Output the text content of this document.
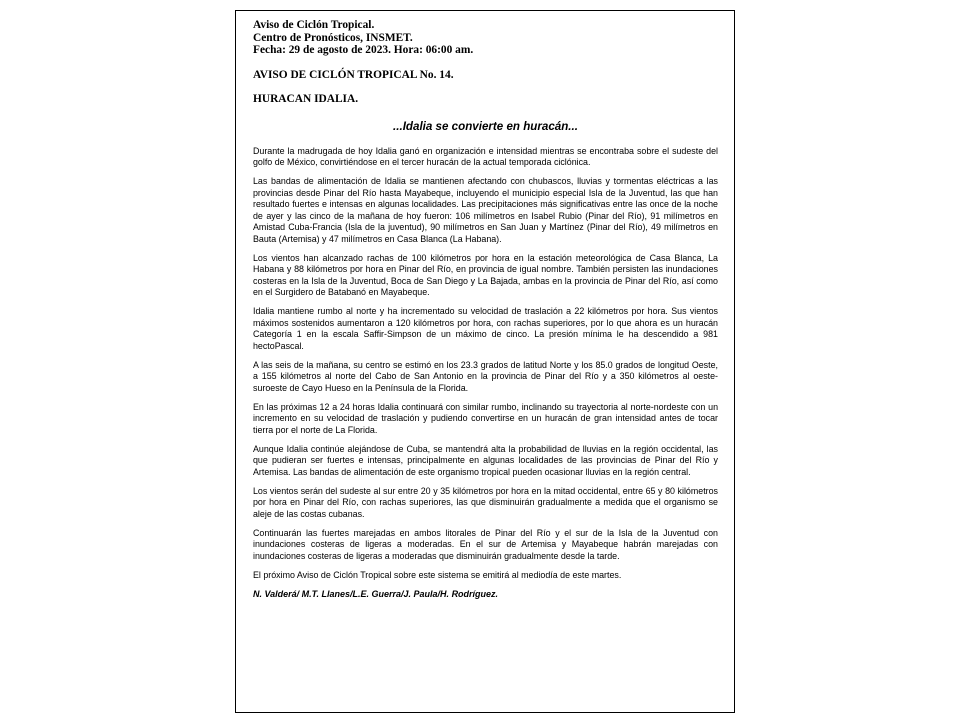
Aviso de Ciclón Tropical.

Centro de Pronósticos, INSMET.

Fecha: 29 de agosto de 2023. Hora: 06:00 am.

AVISO DE CICLÓN TROPICAL No. 14.

HURACAN IDALIA.

...Idalia se convierte en huracán...

Durante la madrugada de hoy Idalia ganó en organización e intensidad mientras se encontraba sobre el sudeste del golfo de México, convirtiéndose en el tercer huracán de la actual temporada ciclónica.

Las bandas de alimentación de Idalia se mantienen afectando con chubascos, lluvias y tormentas eléctricas a las provincias desde Pinar del Río hasta Mayabeque, incluyendo el municipio especial Isla de la Juventud, las que han resultado fuertes e intensas en algunas localidades. Las precipitaciones más significativas entre las once de la noche de ayer y las cinco de la mañana de hoy fueron: 106 milímetros en Isabel Rubio (Pinar del Río), 91 milímetros en Amistad Cuba-Francia (Isla de la juventud), 90 milímetros en San Juan y Martínez (Pinar del Río), 49 milímetros en Bauta (Artemisa) y 47 milímetros en Casa Blanca (La Habana).

Los vientos han alcanzado rachas de 100 kilómetros por hora en la estación meteorológica de Casa Blanca, La Habana y 88 kilómetros por hora en Pinar del Río, en provincia de igual nombre. También persisten las inundaciones costeras en la Isla de la Juventud, Boca de San Diego y La Bajada, ambas en la provincia de Pinar del Río, así como en el Surgidero de Batabanó en Mayabeque.

Idalia mantiene rumbo al norte y ha incrementado su velocidad de traslación a 22 kilómetros por hora. Sus vientos máximos sostenidos aumentaron a 120 kilómetros por hora, con rachas superiores, por lo que ahora es un huracán Categoría 1 en la escala Saffir-Simpson de un máximo de cinco. La presión mínima le ha descendido a 981 hectoPascal.

A las seis de la mañana, su centro se estimó en los 23.3 grados de latitud Norte y los 85.0 grados de longitud Oeste, a 155 kilómetros al norte del Cabo de San Antonio en la provincia de Pinar del Río y a 350 kilómetros al oeste-suroeste de Cayo Hueso en la Península de la Florida.

En las próximas 12 a 24 horas Idalia continuará con similar rumbo, inclinando su trayectoria al norte-nordeste con un incremento en su velocidad de traslación y pudiendo convertirse en un huracán de gran intensidad antes de tocar tierra por el norte de La Florida.

Aunque Idalia continúe alejándose de Cuba, se mantendrá alta la probabilidad de lluvias en la región occidental, las que pudieran ser fuertes e intensas, principalmente en algunas localidades de las provincias de Pinar del Río y Artemisa. Las bandas de alimentación de este organismo tropical pueden ocasionar lluvias en la región central.

Los vientos serán del sudeste al sur entre 20 y 35 kilómetros por hora en la mitad occidental, entre 65 y 80 kilómetros por hora en Pinar del Río, con rachas superiores, las que disminuirán gradualmente a medida que el organismo se aleje de las costas cubanas.

Continuarán las fuertes marejadas en ambos litorales de Pinar del Río y el sur de la Isla de la Juventud con inundaciones costeras de ligeras a moderadas. En el sur de Artemisa y Mayabeque habrán marejadas con inundaciones costeras de ligeras a moderadas que disminuirán gradualmente desde la tarde.

El próximo Aviso de Ciclón Tropical sobre este sistema se emitirá al mediodía de este martes.

N. Valderá/ M.T. Llanes/L.E. Guerra/J. Paula/H. Rodríguez.
